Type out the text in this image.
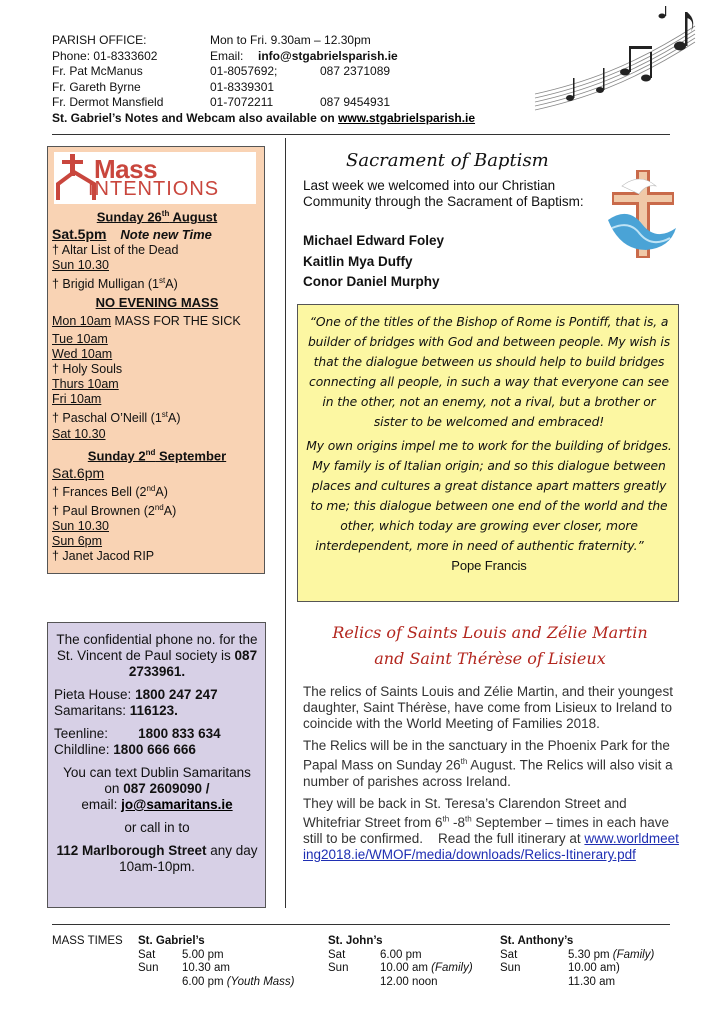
PARISH OFFICE:	Mon to Fri. 9.30am – 12.30pm
Phone: 01-8333602	Email:	info@stgabrielsparish.ie
Fr. Pat McManus	01-8057692;	087 2371089
Fr. Gareth Byrne	01-8339301
Fr. Dermot Mansfield	01-7072211	087 9454931
St. Gabriel’s Notes and Webcam also available on www.stgabrielsparish.ie
Mass
INTENTIONS
Sunday 26th August
Sat.5pm Note new Time
† Altar List of the Dead
Sun 10.30
† Brigid Mulligan (1stA)
NO EVENING MASS
Mon 10am MASS FOR THE SICK
Tue 10am
Wed 10am
† Holy Souls
Thurs 10am
Fri 10am
† Paschal O’Neill (1stA)
Sat 10.30
Sunday 2nd September
Sat.6pm
† Frances Bell (2ndA)
† Paul Brownen (2ndA)
Sun 10.30
Sun 6pm
† Janet Jacod RIP

The confidential phone no. for the St. Vincent de Paul society is 087 2733961.

Pieta House: 1800 247 247
Samaritans: 116123.

Teenline: 1800 833 634
Childline: 1800 666 666

You can text Dublin Samaritans on 087 2609090 /
email: jo@samaritans.ie

or call in to

112 Marlborough Street any day 10am-10pm.

Sacrament of Baptism
Last week we welcomed into our Christian Community through the Sacrament of Baptism:
Michael Edward Foley
Kaitlin Mya Duffy
Conor Daniel Murphy

“One of the titles of the Bishop of Rome is Pontiff, that is, a builder of bridges with God and between people. My wish is that the dialogue between us should help to build bridges connecting all people, in such a way that everyone can see in the other, not an enemy, not a rival, but a brother or sister to be welcomed and embraced!

My own origins impel me to work for the building of bridges. My family is of Italian origin; and so this dialogue between places and cultures a great distance apart matters greatly to me; this dialogue between one end of the world and the other, which today are growing ever closer, more interdependent, more in need of authentic fraternity.”      Pope Francis

Relics of Saints Louis and Zélie Martin
and Saint Thérèse of Lisieux

The relics of Saints Louis and Zélie Martin, and their youngest daughter, Saint Thérèse, have come from Lisieux to Ireland to coincide with the World Meeting of Families 2018.

The Relics will be in the sanctuary in the Phoenix Park for the Papal Mass on Sunday 26th August. The Relics will also visit a number of parishes across Ireland.

They will be back in St. Teresa’s Clarendon Street and Whitefriar Street from 6th -8th September – times in each have still to be confirmed.    Read the full itinerary at www.worldmeeting2018.ie/WMOF/media/downloads/Relics-Itinerary.pdf

MASS TIMES St. Gabriel’s
Sat	5.00 pm
Sun	10.30 am
6.00 pm (Youth Mass)
St. John’s
Sat	6.00 pm
Sun	10.00 am (Family)
12.00 noon
St. Anthony’s
Sat	5.30 pm (Family)
Sun	10.00 am)
11.30 am
